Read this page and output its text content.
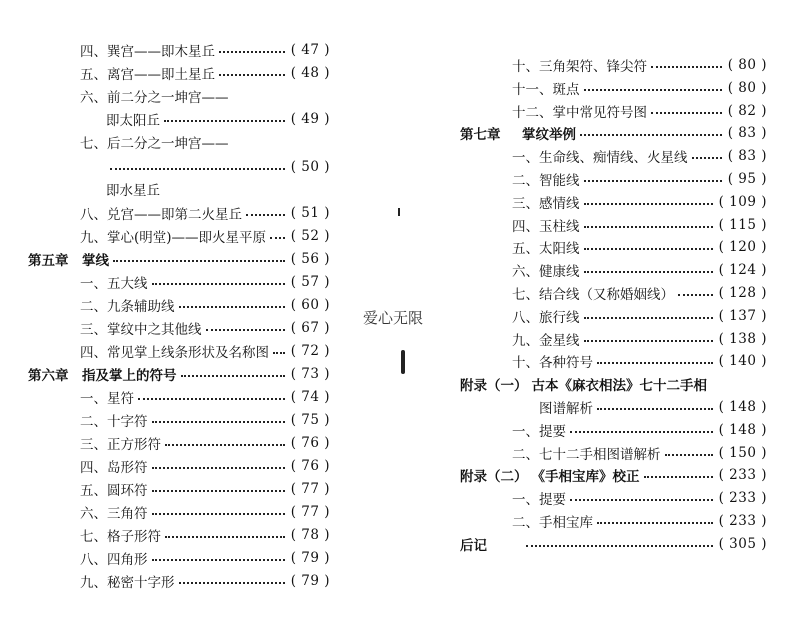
四、巽宫——即木星丘	( 47 )
五、离宫——即土星丘	( 48 )
六、前二分之一坤宫——
即太阳丘	( 49 )
七、后二分之一坤宫——
( 50 )
即水星丘
八、兑宫——即第二火星丘	( 51 )
九、掌心(明堂)——即火星平原 ( 52 )
第五章	掌线	( 56 )
一、五大线	( 57 )
二、九条辅助线	( 60 )
三、掌纹中之其他线	( 67 )
四、常见掌上线条形状及名称图 ( 72 )
第六章	指及掌上的符号	( 73 )
一、星符	( 74 )
二、十字符	( 75 )
三、正方形符	( 76 )
四、岛形符	( 76 )
五、圆环符	( 77 )
六、三角符	( 77 )
七、格子形符	( 78 )
八、四角形	( 79 )
九、秘密十字形	( 79 )
十、三角架符、锋尖符	( 80 )
十一、斑点	( 80 )
十二、掌中常见符号图	( 82 )
第七章	掌纹举例	( 83 )
一、生命线、痴情线、火星线	( 83 )
二、智能线	( 95 )
三、感情线	( 109 )
四、玉柱线	( 115 )
五、太阳线	( 120 )
六、健康线	( 124 )
七、结合线（又称婚姻线）	( 128 )
八、旅行线	( 137 )
九、金星线	( 138 )
十、各种符号	( 140 )
附录（一） 古本《麻衣相法》七十二手相
图谱解析	( 148 )
一、提要	( 148 )
二、七十二手相图谱解析	( 150 )
附录（二） 《手相宝库》校正	( 233 )
一、提要	( 233 )
二、手相宝库	( 233 )
后记	( 305 )
爱心无限
